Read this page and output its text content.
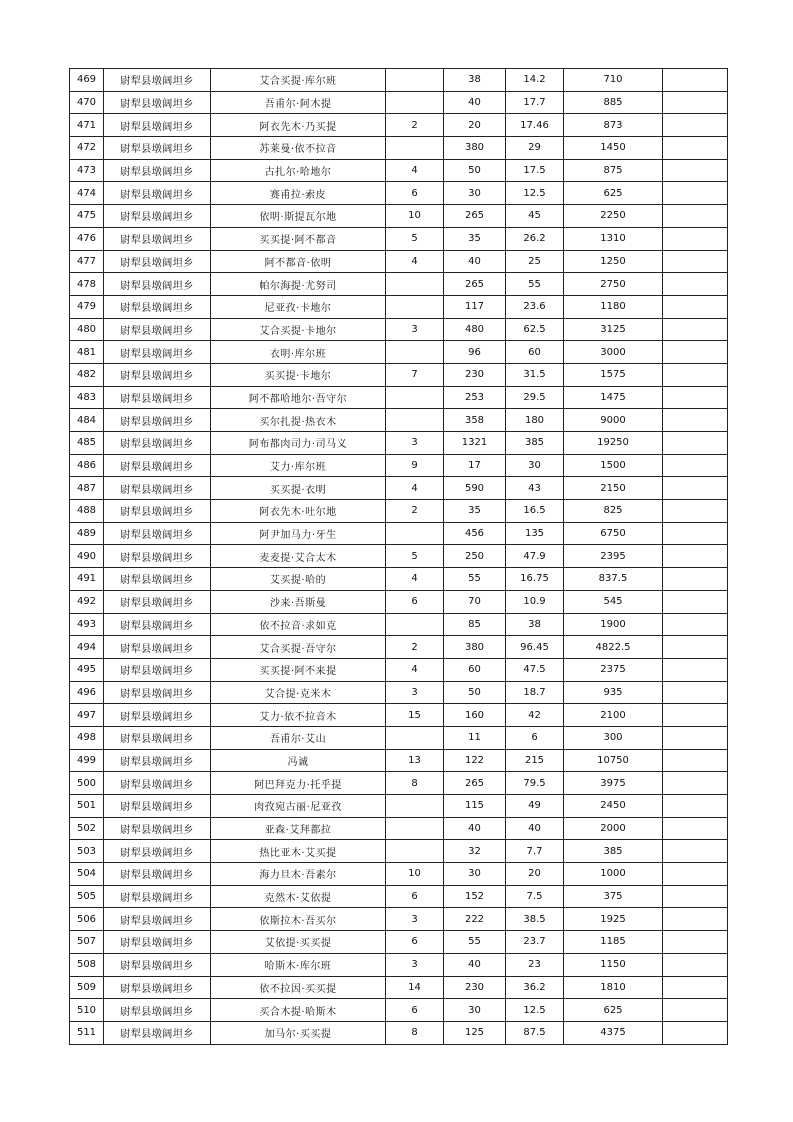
469	尉犁县墩阔坦乡	艾合买提·库尔班		38	14.2	710	
470	尉犁县墩阔坦乡	吾甫尔·阿木提		40	17.7	885	
471	尉犁县墩阔坦乡	阿衣先木·乃买提	2	20	17.46	873	
472	尉犁县墩阔坦乡	苏莱曼·依不拉音		380	29	1450	
473	尉犁县墩阔坦乡	古扎尔·哈地尔	4	50	17.5	875	
474	尉犁县墩阔坦乡	赛甫拉·索皮	6	30	12.5	625	
475	尉犁县墩阔坦乡	依明·斯提瓦尔地	10	265	45	2250	
476	尉犁县墩阔坦乡	买买提·阿不都音	5	35	26.2	1310	
477	尉犁县墩阔坦乡	阿不都音·依明	4	40	25	1250	
478	尉犁县墩阔坦乡	帕尔海提·尤努司		265	55	2750	
479	尉犁县墩阔坦乡	尼亚孜·卡地尔		117	23.6	1180	
480	尉犁县墩阔坦乡	艾合买提·卡地尔	3	480	62.5	3125	
481	尉犁县墩阔坦乡	衣明·库尔班		96	60	3000	
482	尉犁县墩阔坦乡	买买提·卡地尔	7	230	31.5	1575	
483	尉犁县墩阔坦乡	阿不都哈地尔·吾守尔		253	29.5	1475	
484	尉犁县墩阔坦乡	买尔扎提·热衣木		358	180	9000	
485	尉犁县墩阔坦乡	阿布都肉司力·司马义	3	1321	385	19250	
486	尉犁县墩阔坦乡	艾力·库尔班	9	17	30	1500	
487	尉犁县墩阔坦乡	买买提·衣明	4	590	43	2150	
488	尉犁县墩阔坦乡	阿衣先木·吐尔地	2	35	16.5	825	
489	尉犁县墩阔坦乡	阿尹加马力·牙生		456	135	6750	
490	尉犁县墩阔坦乡	麦麦提·艾合太木	5	250	47.9	2395	
491	尉犁县墩阔坦乡	艾买提·哈的	4	55	16.75	837.5	
492	尉犁县墩阔坦乡	沙来·吾斯曼	6	70	10.9	545	
493	尉犁县墩阔坦乡	依不拉音·求如克		85	38	1900	
494	尉犁县墩阔坦乡	艾合买提·吾守尔	2	380	96.45	4822.5	
495	尉犁县墩阔坦乡	买买提·阿不来提	4	60	47.5	2375	
496	尉犁县墩阔坦乡	艾合提·克米木	3	50	18.7	935	
497	尉犁县墩阔坦乡	艾力·依不拉音木	15	160	42	2100	
498	尉犁县墩阔坦乡	吾甫尔·艾山		11	6	300	
499	尉犁县墩阔坦乡	冯诚	13	122	215	10750	
500	尉犁县墩阔坦乡	阿巴拜克力·托乎提	8	265	79.5	3975	
501	尉犁县墩阔坦乡	肉孜宛古丽·尼亚孜		115	49	2450	
502	尉犁县墩阔坦乡	亚森·艾拜都拉		40	40	2000	
503	尉犁县墩阔坦乡	热比亚木·艾买提		32	7.7	385	
504	尉犁县墩阔坦乡	海力旦木·吾素尔	10	30	20	1000	
505	尉犁县墩阔坦乡	克然木·艾依提	6	152	7.5	375	
506	尉犁县墩阔坦乡	依斯拉木·吾买尔	3	222	38.5	1925	
507	尉犁县墩阔坦乡	艾依提·买买提	6	55	23.7	1185	
508	尉犁县墩阔坦乡	哈斯木·库尔班	3	40	23	1150	
509	尉犁县墩阔坦乡	依不拉因·买买提	14	230	36.2	1810	
510	尉犁县墩阔坦乡	买合木提·哈斯木	6	30	12.5	625	
511	尉犁县墩阔坦乡	加马尔·买买提	8	125	87.5	4375	
